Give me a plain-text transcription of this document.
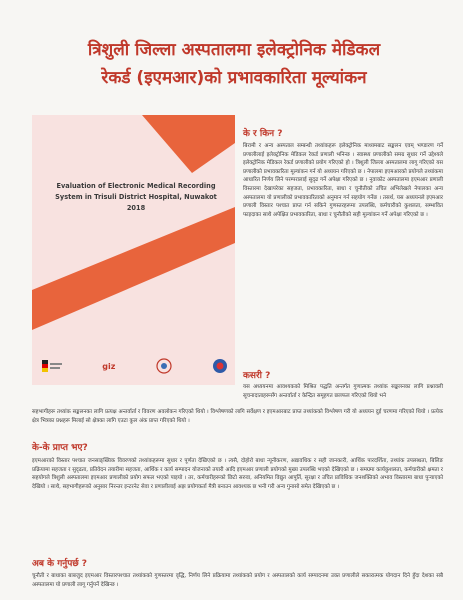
त्रिशुली जिल्ला अस्पतालमा इलेक्ट्रोनिक मेडिकल
रेकर्ड (इएमआर)को प्रभावकारिता मूल्यांकन
Evaluation of Electronic Medical Recording
System in Trisuli District Hospital, Nuwakot
2018
giz
के र किन ?

बिरामी र अन्य अस्पताल सम्बन्धी तथ्यांकहरू इलेक्ट्रोनिक माध्यमबाट सङ्कलन एवम् भण्डारण गर्ने प्रणालीलाई इलेक्ट्रोनिक मेडिकल रेकर्ड प्रणाली भनिन्छ । स्वास्थ्य प्रणालीको समग्र सुधार गर्ने उद्देश्यले इलेक्ट्रोनिक मेडिकल रेकर्ड प्रणालीको प्रयोग गरिएको हो । त्रिशुली जिल्ला अस्पतालमा लागू गरिएको यस प्रणालीको प्रभावकारिता मूल्यांकन गर्न यो अध्ययन गरिएको छ । नेपालमा इएमआरको प्रयोगले तथ्यांकमा आधारित निर्णय लिने परम्परालाई सुदृढ गर्ने अपेक्षा गरिएको छ । नुवाकोट अस्पतालमा इएमआर प्रणाली विस्तारमा देखापरेका सहजता, प्रभावकारिता, बाधा र चुनौतीको उचित अभिलेखले नेपालका अन्य अस्पतालमा यो प्रणालीको प्रभावकारिताको अनुमान गर्न सहयोग गर्नेछ । तसर्थ, यस अध्ययनले इएमआर प्रणाली विस्तार पश्चात प्राप्त गर्न सकिने गुणस्तरहरूमा उपलब्धि, कर्मचारीको कुशलता, सम्भावित फाइदाका साथै अपेक्षित प्रभावकारिता, बाधा र चुनौतीको सही मूल्यांकन गर्ने अपेक्षा गरिएको छ ।

कसरी ?

यस अध्ययनमा आवश्यकको मिश्रित पद्धति अन्तर्गत गुणात्मक तथ्यांक सङ्कलनका लागि प्रश्नावली सूचनादाताहरूसँग अन्तर्वार्ता र केन्द्रित समूहगत छलफल गरिएको थियो भने

सहभागीहरू तथ्यांक सङ्कलनका लागि प्रत्यक्ष अन्तर्वार्ता र विवरण अवलोकन गरिएको थियो । विश्लेषणको लागि सर्वेक्षण र इएमआरबाट प्राप्त तथ्यांकको विश्लेषण गरी यो अध्ययन दुई चरणमा गरिएको थियो । प्रत्येक क्षेत्र भित्रका प्रश्नहरू मिलाई सो क्षेत्रका लागि एउटा कुल अंक प्राप्त गरिएको थियो ।

के-के प्राप्त भए?

इएमआरको विस्तार पश्चात जनसाङ्ख्यिक विवरणको तथ्यांकहरूमा सुधार र पूर्णता देखिएको छ । त्यसै, दोहोरो बाधा न्यूनीकरण, अद्यावधिक र सही जानकारी, आर्थिक पारदर्शिता, तथ्यांक उपलब्धता, बिलिङ प्रक्रियामा सहजता र सुदृढता, प्रतिवेदन तयारीमा सहजता, आर्थिक र कार्य सम्पादन योजनाको तयारी आदि इएमआर प्रणाली प्रयोगको मुख्य उपलब्धि भएको देखिएको छ । समग्रमा कार्यकुशलता, कर्मचारीको क्षमता र सहयोगले त्रिशुली अस्पतालमा इएमआर प्रणालीको प्रयोग सफल भएको पाइयो । तर, कर्मचारीहरूको छिटो सरुवा, अनियमित विद्युत आपूर्ति, सुरक्षा र उचित प्राविधिक जनशक्तिको अभाव विस्तारमा बाधा पुर्‍याएको देखियो । साथै, सहभागीहरूको अनुसार निरन्तर इन्टरनेट सेवा र प्रणालीलाई अझ प्रयोगकर्ता मैत्री बनाउन आवश्यक छ भनी गरी अन्य गुनासो समेत देखिएको छ ।

अब के गर्नुपर्छ ?

चुनौती र बाधाका बाबजुद इएमआर विस्तारपश्चात तथ्यांकको गुणस्तरमा वृद्धि, निर्णय लिने प्रक्रियामा तथ्यांकको प्रयोग र अस्पतालको कार्य सम्पादनमा उक्त प्रणालीले सकारात्मक योगदान दिने हुँदा देशका सबै अस्पतालमा यो प्रणाली लागू गर्नुपर्ने देखिन्छ ।
